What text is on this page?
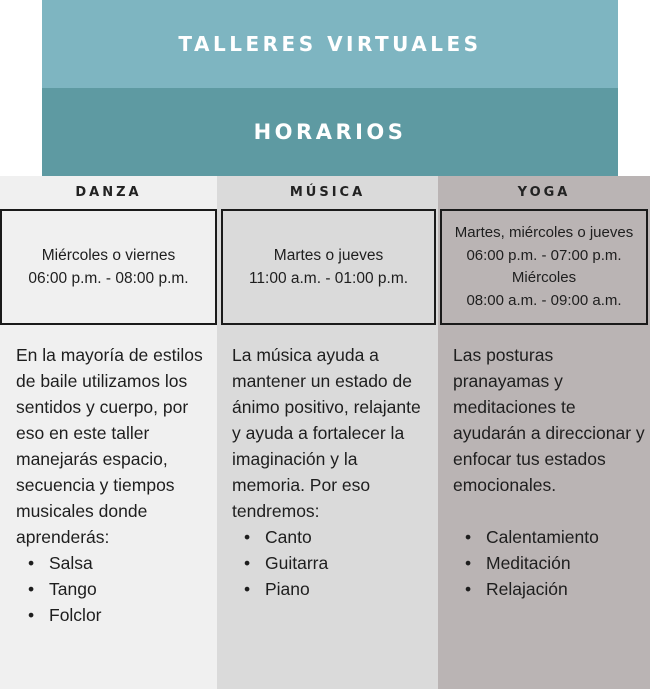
TALLERES VIRTUALES
HORARIOS
DANZA
Miércoles o viernes
06:00 p.m. - 08:00 p.m.

En la mayoría de estilos de baile utilizamos los sentidos y cuerpo, por eso en este taller manejarás espacio, secuencia y tiempos musicales donde aprenderás:

• Salsa
• Tango
• Folclor
MÚSICA
Martes o jueves
11:00 a.m. - 01:00 p.m.

La música ayuda a mantener un estado de ánimo positivo, relajante y ayuda a fortalecer la imaginación y la memoria. Por eso tendremos:

• Canto
• Guitarra
• Piano
YOGA
Martes, miércoles o jueves
06:00 p.m. - 07:00 p.m.
Miércoles
08:00 a.m. - 09:00 a.m.

Las posturas pranayamas y meditaciones te ayudarán a direccionar y enfocar tus estados emocionales.

• Calentamiento
• Meditación
• Relajación
